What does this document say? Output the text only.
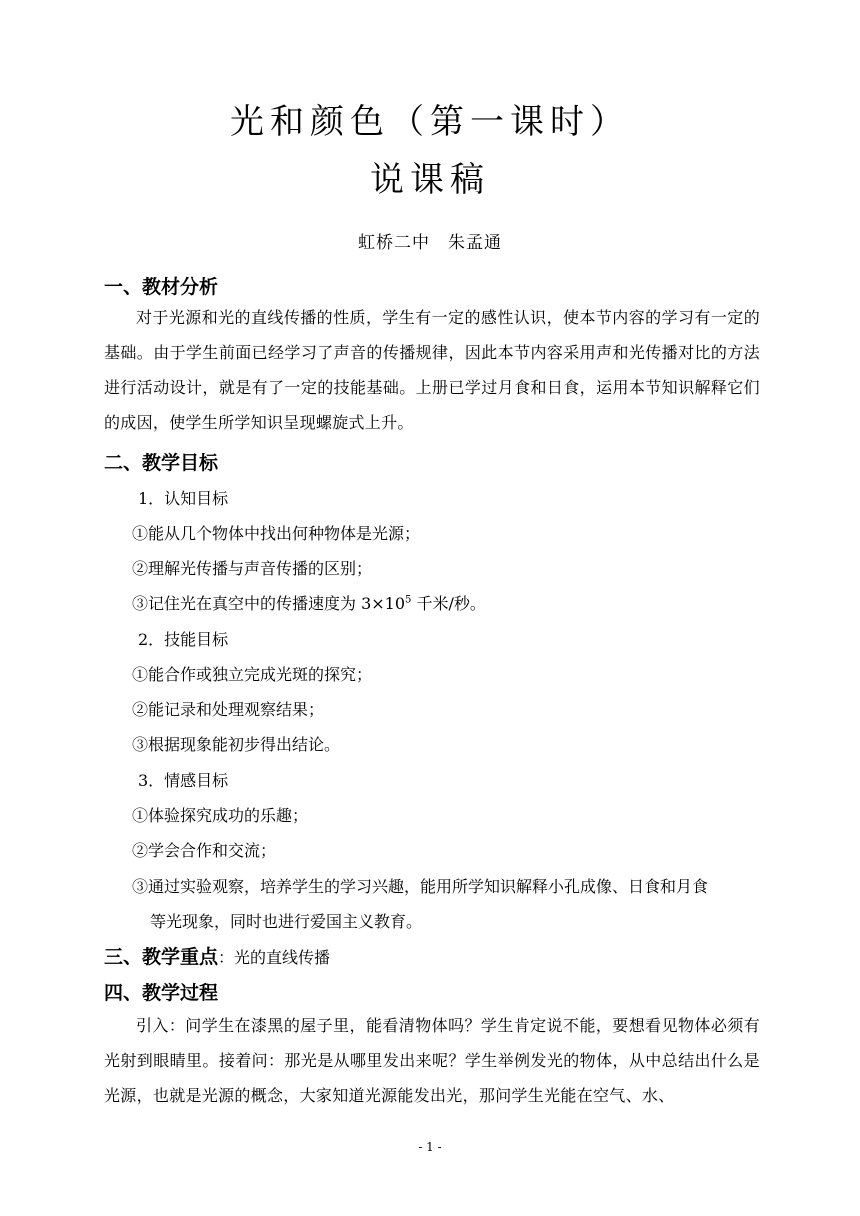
光和颜色（第一课时）
说课稿
虹桥二中　朱孟通
一、教材分析
对于光源和光的直线传播的性质，学生有一定的感性认识，使本节内容的学习有一定的基础。由于学生前面已经学习了声音的传播规律，因此本节内容采用声和光传播对比的方法进行活动设计，就是有了一定的技能基础。上册已学过月食和日食，运用本节知识解释它们的成因，使学生所学知识呈现螺旋式上升。
二、教学目标
1．认知目标
①能从几个物体中找出何种物体是光源；
②理解光传播与声音传播的区别；
③记住光在真空中的传播速度为 $3\times 10^5$ 千米/秒。
2．技能目标
①能合作或独立完成光斑的探究；
②能记录和处理观察结果；
③根据现象能初步得出结论。
3．情感目标
①体验探究成功的乐趣；
②学会合作和交流；
③通过实验观察，培养学生的学习兴趣，能用所学知识解释小孔成像、日食和月食
等光现象，同时也进行爱国主义教育。
三、教学重点：光的直线传播
四、教学过程
引入：问学生在漆黑的屋子里，能看清物体吗？学生肯定说不能，要想看见物体必须有光射到眼睛里。接着问：那光是从哪里发出来呢？学生举例发光的物体，从中总结出什么是光源，也就是光源的概念，大家知道光源能发出光，那问学生光能在空气、水、
- 1 -
